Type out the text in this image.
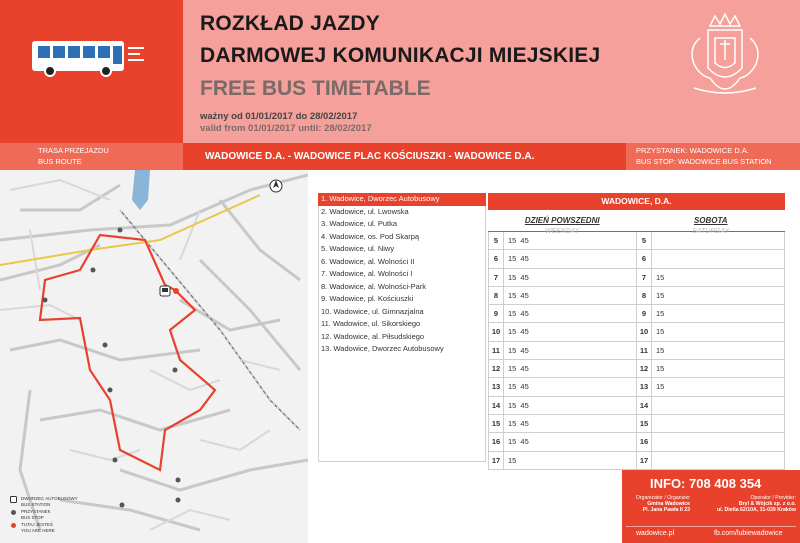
ROZKŁAD JAZDY
DARMOWEJ KOMUNIKACJI MIEJSKIEJ
FREE BUS TIMETABLE
ważny od 01/01/2017 do 28/02/2017
valid from 01/01/2017 until: 28/02/2017
TRASA PRZEJAZDU
BUS ROUTE	WADOWICE D.A. - WADOWICE PLAC KOŚCIUSZKI - WADOWICE D.A.
PRZYSTANEK: WADOWICE D.A.
BUS STOP: WADOWICE BUS STATION
DWORZEC AUTOBUSOWY
BUS STATION
PRZYSTANEK
BUS STOP
TUTAJ JESTEŚ
YOU ARE HERE
1. Wadowice, Dworzec Autobusowy
2. Wadowice, ul. Lwowska
3. Wadowice, ul. Putka
4. Wadowice, os. Pod Skarpą
5. Wadowice, ul. Niwy
6. Wadowice, al. Wolności II
7. Wadowice, al. Wolności I
8. Wadowice, al. Wolności-Park
9. Wadowice, pl. Kościuszki
10. Wadowice, ul. Gimnazjalna
11. Wadowice, ul. Sikorskiego
12. Wadowice, al. Piłsudskiego
13. Wadowice, Dworzec Autobusowy
WADOWICE, D.A.
DZIEŃ POWSZEDNI
WEEKDAY
SOBOTA
SATURDAY
5	15 45
6	15 45
7	15 45
8	15 45
9	15 45
10	15 45
11	15 45
12	15 45
13	15 45
14	15 45
15	15 45
16	15 45
17	15
5
6
7	15
8	15
9	15
10	15
11	15
12	15
13	15
14
15
16
17
INFO: 708 408 354
Organizator / Organizer
Gmina Wadowice
Pl. Jana Pawła II 23
Operator / Provider:
Bryl & Wójcik sp. z o.o.
ul. Dietla 62/10A, 31-039 Kraków
wadowice.pl	fb.com/lubiewadowice
